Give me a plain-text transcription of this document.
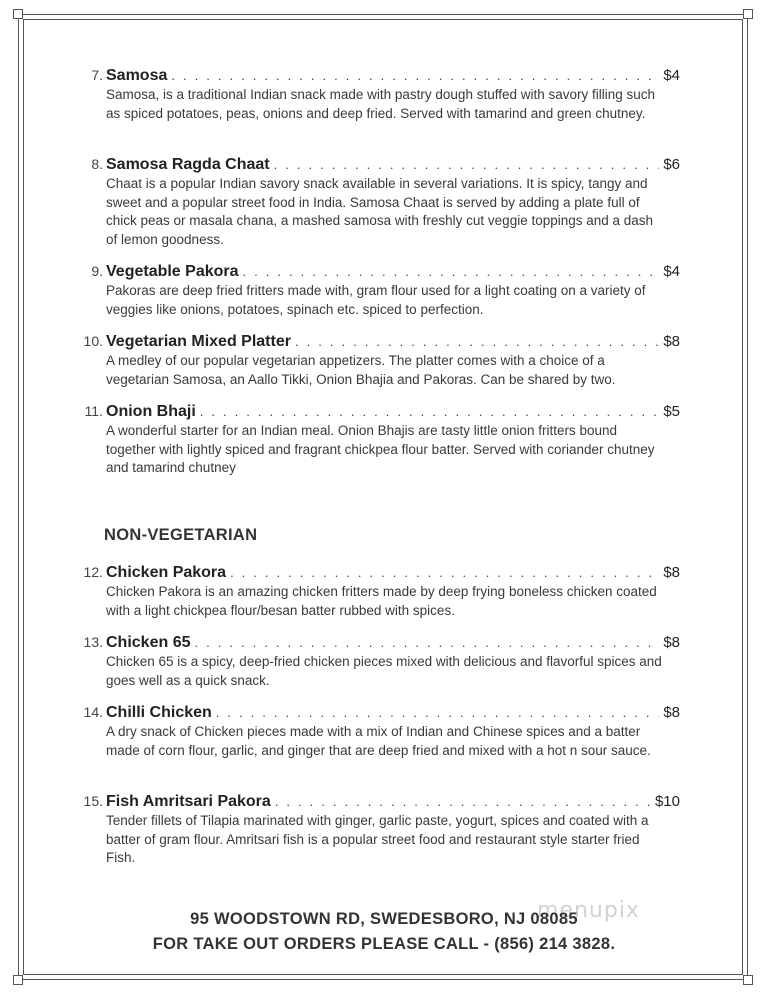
7. Samosa . . .	$4
Samosa, is a traditional Indian snack made with pastry dough stuffed with savory filling such as spiced potatoes, peas, onions and deep fried. Served with tamarind and green chutney.
8. Samosa Ragda Chaat . . .	$6
Chaat is a popular Indian savory snack available in several variations. It is spicy, tangy and sweet and a popular street food in India. Samosa Chaat is served by adding a plate full of chick peas or masala chana, a mashed samosa with freshly cut veggie toppings and a dash of lemon goodness.
9. Vegetable Pakora . . .	$4
Pakoras are deep fried fritters made with, gram flour used for a light coating on a variety of veggies like onions, potatoes, spinach etc. spiced to perfection.
10. Vegetarian Mixed Platter . . .	$8
A medley of our popular vegetarian appetizers. The platter comes with a choice of a vegetarian Samosa, an Aallo Tikki, Onion Bhajia and Pakoras. Can be shared by two.
11. Onion Bhaji . . .	$5
A wonderful starter for an Indian meal. Onion Bhajis are tasty little onion fritters bound together with lightly spiced and fragrant chickpea flour batter. Served with coriander chutney and tamarind chutney
NON-VEGETARIAN
12. Chicken Pakora . . .	$8
Chicken Pakora is an amazing chicken fritters made by deep frying boneless chicken coated with a light chickpea flour/besan batter rubbed with spices.
13. Chicken 65 . . .	$8
Chicken 65 is a spicy, deep-fried chicken pieces mixed with delicious and flavorful spices and goes well as a quick snack.
14. Chilli Chicken . . .	$8
A dry snack of Chicken pieces made with a mix of Indian and Chinese spices and a batter made of corn flour, garlic, and ginger that are deep fried and mixed with a hot n sour sauce.
15. Fish Amritsari Pakora . . .	$10
Tender fillets of Tilapia marinated with ginger, garlic paste, yogurt, spices and coated with a batter of gram flour. Amritsari fish is a popular street food and restaurant style starter fried Fish.
menupix
95 WOODSTOWN RD, SWEDESBORO, NJ 08085
FOR TAKE OUT ORDERS PLEASE CALL - (856) 214 3828.
